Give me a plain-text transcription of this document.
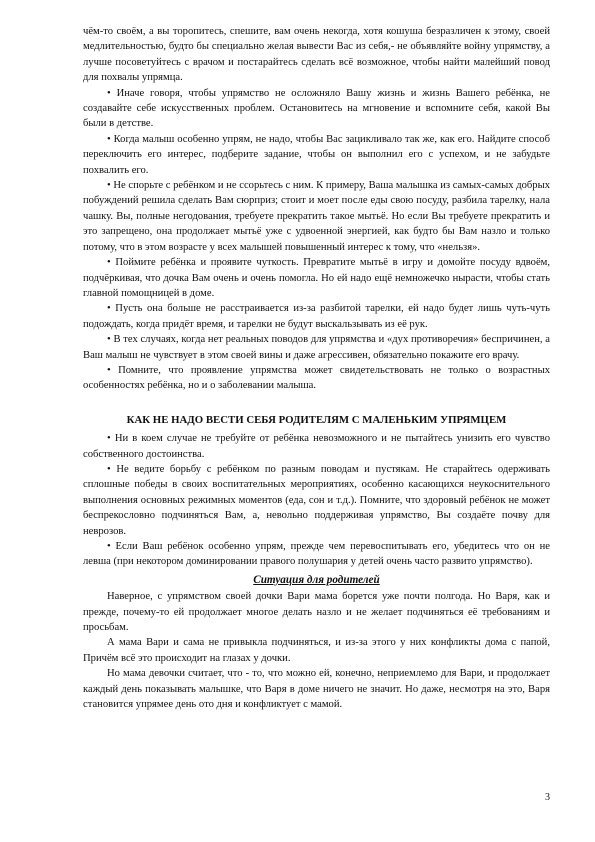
чём-то своём, а вы торопитесь, спешите, вам очень некогда, хотя кошуша безразличен к этому, своей медлительностью, будто бы специально желая вывести Вас из себя,- не объявляйте войну упрямству, а лучше посоветуйтесь с врачом и постарайтесь сделать всё возможное, чтобы найти малейший повод для похвалы упрямца.

• Иначе говоря, чтобы упрямство не осложняло Вашу жизнь и жизнь Вашего ребёнка, не создавайте себе искусственных проблем. Остановитесь на мгновение и вспомните себя, какой Вы были в детстве.

• Когда малыш особенно упрям, не надо, чтобы Вас зацикливало так же, как его. Найдите способ переключить его интерес, подберите задание, чтобы он выполнил его с успехом, и не забудьте похвалить его.

• Не спорьте с ребёнком и не ссорьтесь с ним. К примеру, Ваша малышка из самых-самых добрых побуждений решила сделать Вам сюрприз; стоит и моет после еды свою посуду, разбила тарелку, нала чашку. Вы, полные негодования, требуете прекратить такое мытьё. Но если Вы требуете прекратить и это запрещено, она продолжает мытьё уже с удвоенной энергией, как будто бы Вам назло и только потому, что в этом возрасте у всех малышей повышенный интерес к тому, что «нельзя».

• Поймите ребёнка и проявите чуткость. Превратите мытьё в игру и домойте посуду вдвоём, подчёркивая, что дочка Вам очень и очень помогла. Но ей надо ещё немножечко нырасти, чтобы стать главной помощницей в доме.

• Пусть она больше не расстраивается из-за разбитой тарелки, ей надо будет лишь чуть-чуть подождать, когда придёт время, и тарелки не будут выскальзывать из её рук.

• В тех случаях, когда нет реальных поводов для упрямства и «дух противоречия» беспричинен, а Ваш малыш не чувствует в этом своей вины и даже агрессивен, обязательно покажите его врачу.

• Помните, что проявление упрямства может свидетельствовать не только о возрастных особенностях ребёнка, но и о заболевании малыша.

КАК НЕ НАДО ВЕСТИ СЕБЯ РОДИТЕЛЯМ С МАЛЕНЬКИМ УПРЯМЦЕМ

• Ни в коем случае не требуйте от ребёнка невозможного и не пытайтесь унизить его чувство собственного достоинства.

• Не ведите борьбу с ребёнком по разным поводам и пустякам. Не старайтесь одерживать сплошные победы в своих воспитательных мероприятиях, особенно касающихся неукоснительного выполнения основных режимных моментов (еда, сон и т.д.). Помните, что здоровый ребёнок не может беспрекословно подчиняться Вам, а, невольно поддерживая упрямство, Вы создаёте почву для неврозов.

• Если Ваш ребёнок особенно упрям, прежде чем перевоспитывать его, убедитесь что он не левша (при некотором доминировании правого полушария у детей очень часто развито упрямство).

Ситуация для родителей

Наверное, с упрямством своей дочки Вари мама борется уже почти полгода. Но Варя, как и прежде, почему-то ей продолжает многое делать назло и не желает подчиняться её требованиям и просьбам.

А мама Вари и сама не привыкла подчиняться, и из-за этого у них конфликты дома с папой, Причём всё это происходит на глазах у дочки.

Но мама девочки считает, что - то, что можно ей, конечно, неприемлемо для Вари, и продолжает каждый день показывать малышке, что Варя в доме ничего не значит. Но даже, несмотря на это, Варя становится упрямее день ото дня и конфликтует с мамой.

3
